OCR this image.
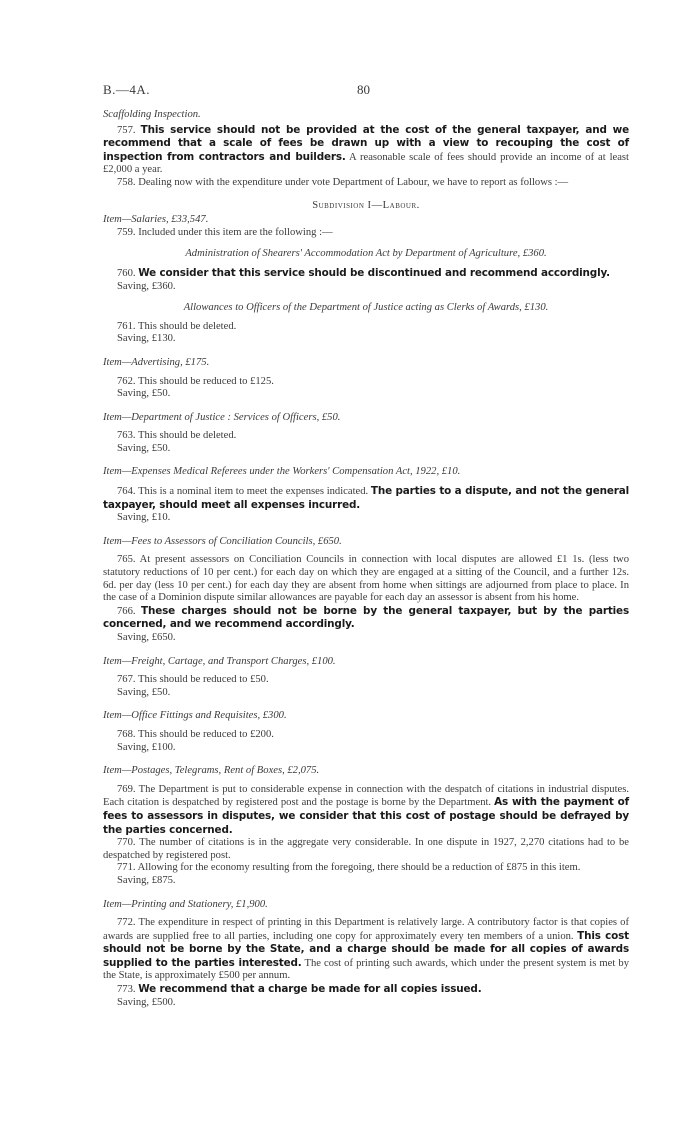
B.—4A.	80

Scaffolding Inspection.

757. This service should not be provided at the cost of the general taxpayer, and we recommend that a scale of fees be drawn up with a view to recouping the cost of inspection from contractors and builders. A reasonable scale of fees should provide an income of at least £2,000 a year.

758. Dealing now with the expenditure under vote Department of Labour, we have to report as follows :—

Subdivision I—Labour.

Item—Salaries, £33,547.

759. Included under this item are the following :—

Administration of Shearers' Accommodation Act by Department of Agriculture, £360.

760. We consider that this service should be discontinued and recommend accordingly.

Saving, £360.

Allowances to Officers of the Department of Justice acting as Clerks of Awards, £130.

761. This should be deleted.

Saving, £130.

Item—Advertising, £175.

762. This should be reduced to £125.

Saving, £50.

Item—Department of Justice : Services of Officers, £50.

763. This should be deleted.

Saving, £50.

Item—Expenses Medical Referees under the Workers' Compensation Act, 1922, £10.

764. This is a nominal item to meet the expenses indicated. The parties to a dispute, and not the general taxpayer, should meet all expenses incurred.

Saving, £10.

Item—Fees to Assessors of Conciliation Councils, £650.

765. At present assessors on Conciliation Councils in connection with local disputes are allowed £1 1s. (less two statutory reductions of 10 per cent.) for each day on which they are engaged at a sitting of the Council, and a further 12s. 6d. per day (less 10 per cent.) for each day they are absent from home when sittings are adjourned from place to place. In the case of a Dominion dispute similar allowances are payable for each day an assessor is absent from his home.

766. These charges should not be borne by the general taxpayer, but by the parties concerned, and we recommend accordingly.

Saving, £650.

Item—Freight, Cartage, and Transport Charges, £100.

767. This should be reduced to £50.

Saving, £50.

Item—Office Fittings and Requisites, £300.

768. This should be reduced to £200.

Saving, £100.

Item—Postages, Telegrams, Rent of Boxes, £2,075.

769. The Department is put to considerable expense in connection with the despatch of citations in industrial disputes. Each citation is despatched by registered post and the postage is borne by the Department. As with the payment of fees to assessors in disputes, we consider that this cost of postage should be defrayed by the parties concerned.

770. The number of citations is in the aggregate very considerable. In one dispute in 1927, 2,270 citations had to be despatched by registered post.

771. Allowing for the economy resulting from the foregoing, there should be a reduction of £875 in this item.

Saving, £875.

Item—Printing and Stationery, £1,900.

772. The expenditure in respect of printing in this Department is relatively large. A contributory factor is that copies of awards are supplied free to all parties, including one copy for approximately every ten members of a union. This cost should not be borne by the State, and a charge should be made for all copies of awards supplied to the parties interested. The cost of printing such awards, which under the present system is met by the State, is approximately £500 per annum.

773. We recommend that a charge be made for all copies issued.

Saving, £500.
